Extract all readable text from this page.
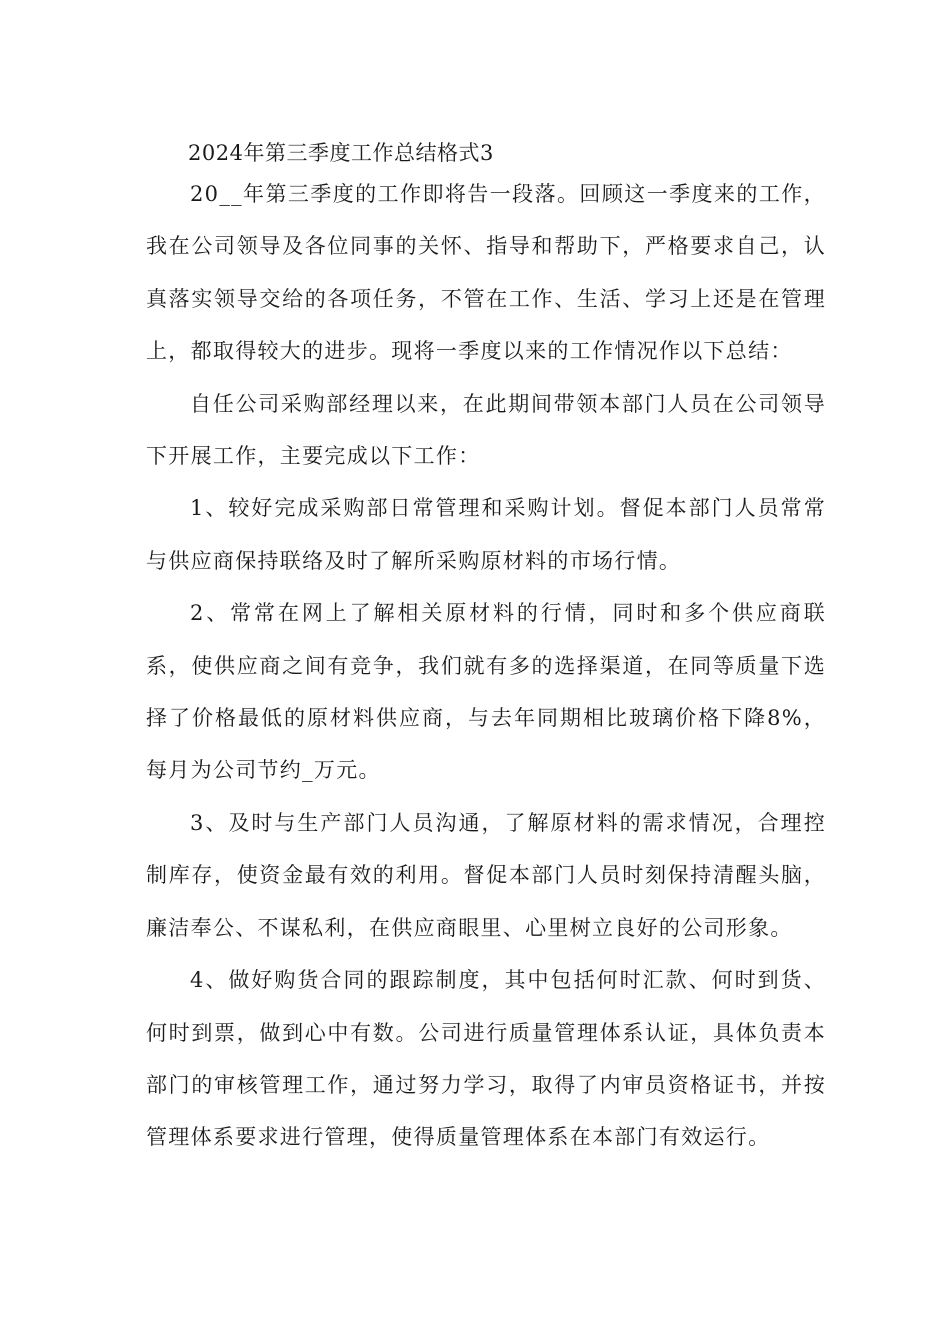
2024年第三季度工作总结格式3

20__年第三季度的工作即将告一段落。回顾这一季度来的工作，我在公司领导及各位同事的关怀、指导和帮助下，严格要求自己，认真落实领导交给的各项任务，不管在工作、生活、学习上还是在管理上，都取得较大的进步。现将一季度以来的工作情况作以下总结：

自任公司采购部经理以来，在此期间带领本部门人员在公司领导下开展工作，主要完成以下工作：

1、较好完成采购部日常管理和采购计划。督促本部门人员常常与供应商保持联络及时了解所采购原材料的市场行情。

2、常常在网上了解相关原材料的行情，同时和多个供应商联系，使供应商之间有竞争，我们就有多的选择渠道，在同等质量下选择了价格最低的原材料供应商，与去年同期相比玻璃价格下降8%，每月为公司节约_万元。

3、及时与生产部门人员沟通，了解原材料的需求情况，合理控制库存，使资金最有效的利用。督促本部门人员时刻保持清醒头脑，廉洁奉公、不谋私利，在供应商眼里、心里树立良好的公司形象。

4、做好购货合同的跟踪制度，其中包括何时汇款、何时到货、何时到票，做到心中有数。公司进行质量管理体系认证，具体负责本部门的审核管理工作，通过努力学习，取得了内审员资格证书，并按管理体系要求进行管理，使得质量管理体系在本部门有效运行。
